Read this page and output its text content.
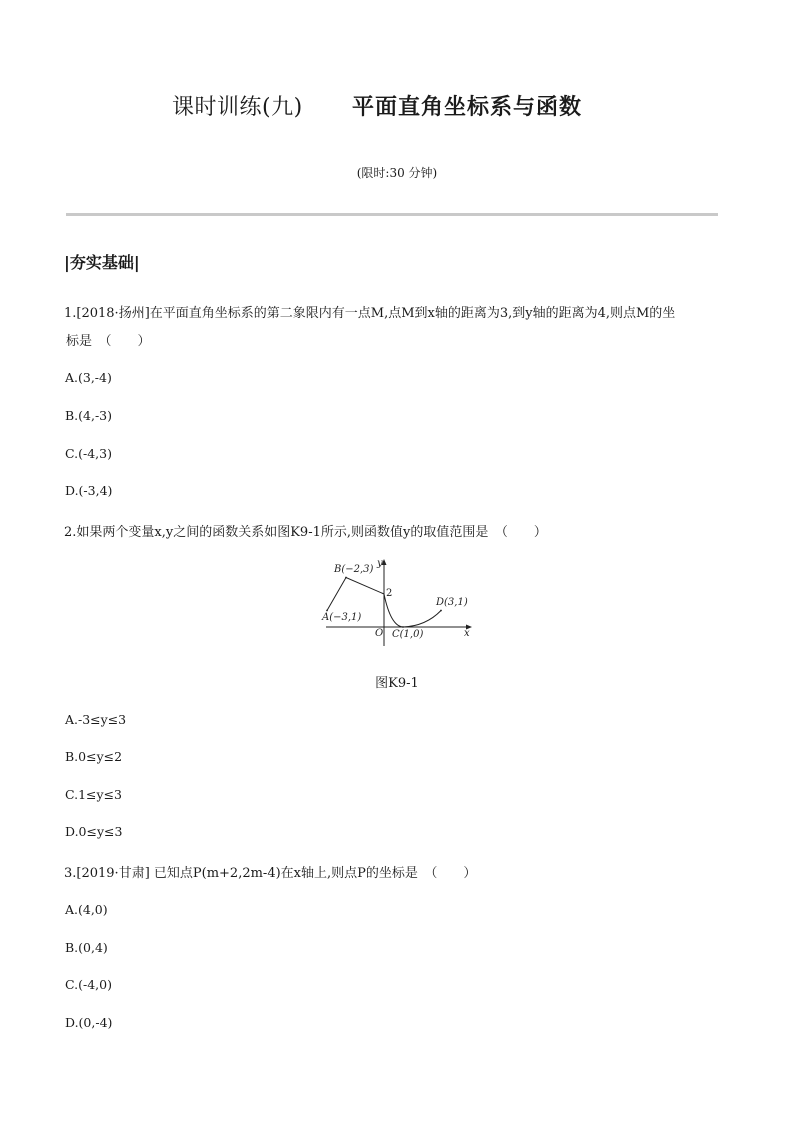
课时训练(九) 平面直角坐标系与函数
(限时:30 分钟)
|夯实基础|
1.[2018·扬州]在平面直角坐标系的第二象限内有一点M,点M到x轴的距离为3,到y轴的距离为4,则点M的坐
标是　（　　）
A.(3,-4)
B.(4,-3)
C.(-4,3)
D.(-3,4)
2.如果两个变量x,y之间的函数关系如图K9-1所示,则函数值y的取值范围是　（　　）
B(−2,3)
A(−3,1)
C(1,0)
D(3,1)
O	x
y
2
图K9-1
A.-3≤y≤3
B.0≤y≤2
C.1≤y≤3
D.0≤y≤3
3.[2019·甘肃] 已知点P(m+2,2m-4)在x轴上,则点P的坐标是　（　　）
A.(4,0)
B.(0,4)
C.(-4,0)
D.(0,-4)
